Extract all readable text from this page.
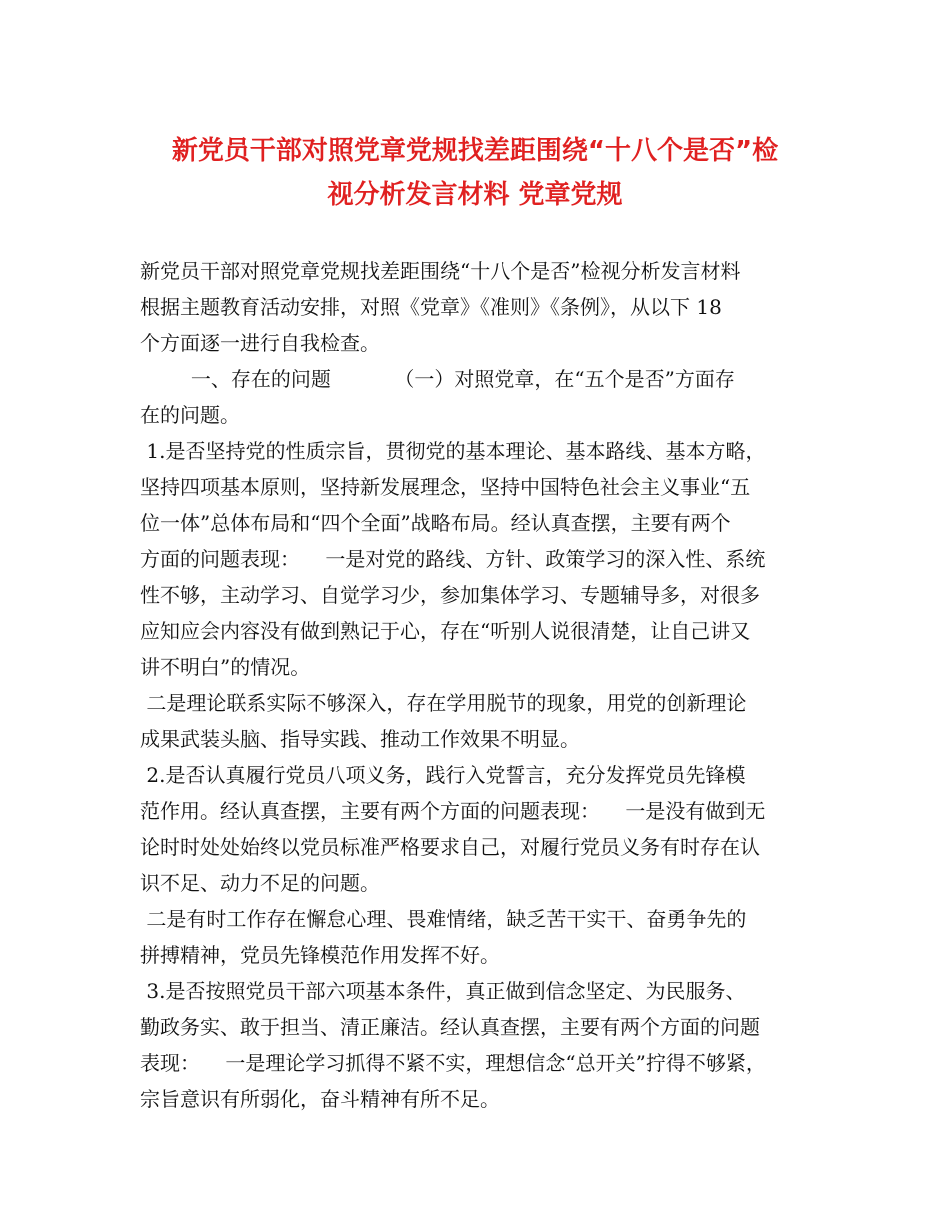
新党员干部对照党章党规找差距围绕“十八个是否”检
视分析发言材料 党章党规
新党员干部对照党章党规找差距围绕“十八个是否”检视分析发言材料
根据主题教育活动安排，对照《党章》《准则》《条例》，从以下 18
个方面逐一进行自我检查。
一、存在的问题          （一）对照党章，在“五个是否”方面存
在的问题。
1.是否坚持党的性质宗旨，贯彻党的基本理论、基本路线、基本方略，
坚持四项基本原则，坚持新发展理念，坚持中国特色社会主义事业“五
位一体”总体布局和“四个全面”战略布局。经认真查摆，主要有两个
方面的问题表现：    一是对党的路线、方针、政策学习的深入性、系统
性不够，主动学习、自觉学习少，参加集体学习、专题辅导多，对很多
应知应会内容没有做到熟记于心，存在“听别人说很清楚，让自己讲又
讲不明白”的情况。
二是理论联系实际不够深入，存在学用脱节的现象，用党的创新理论
成果武装头脑、指导实践、推动工作效果不明显。
2.是否认真履行党员八项义务，践行入党誓言，充分发挥党员先锋模
范作用。经认真查摆，主要有两个方面的问题表现：    一是没有做到无
论时时处处始终以党员标准严格要求自己，对履行党员义务有时存在认
识不足、动力不足的问题。
二是有时工作存在懈怠心理、畏难情绪，缺乏苦干实干、奋勇争先的
拼搏精神，党员先锋模范作用发挥不好。
3.是否按照党员干部六项基本条件，真正做到信念坚定、为民服务、
勤政务实、敢于担当、清正廉洁。经认真查摆，主要有两个方面的问题
表现：    一是理论学习抓得不紧不实，理想信念“总开关”拧得不够紧，
宗旨意识有所弱化，奋斗精神有所不足。
